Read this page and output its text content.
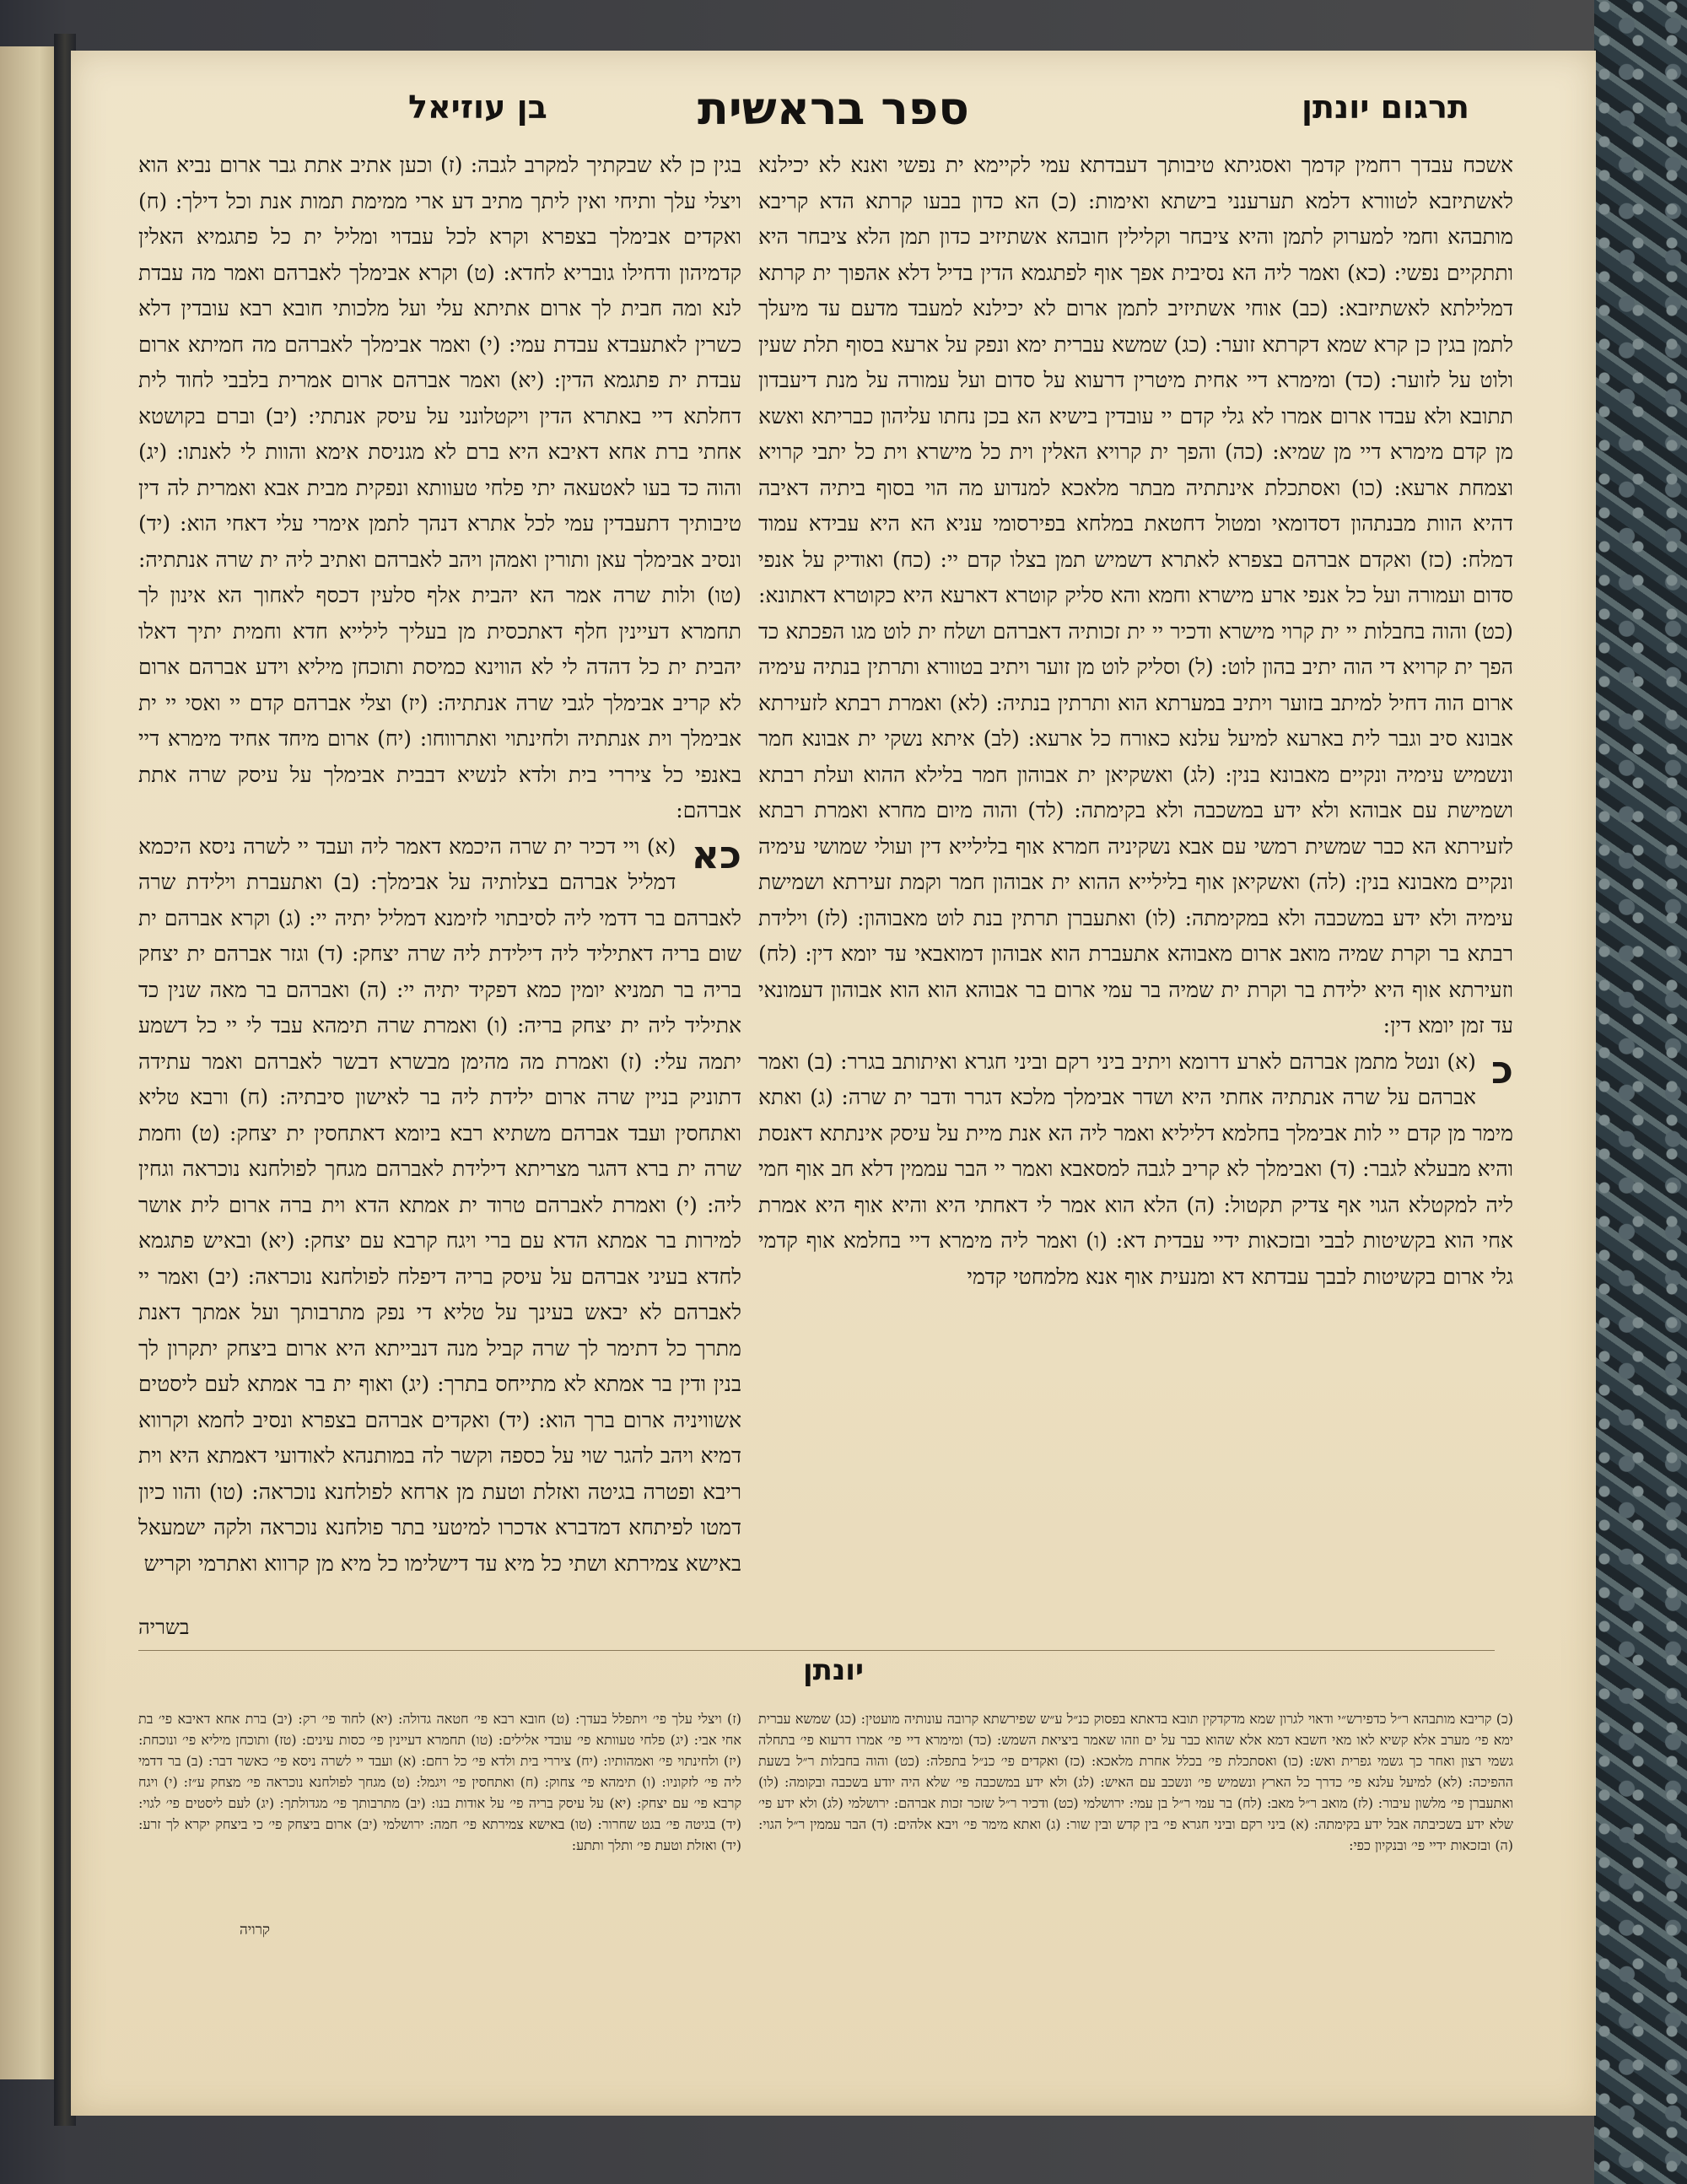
תרגום יונתן
ספר בראשית
בן עוזיאל
אשכח עבדך רחמין קדמך ואסגיתא טיבותך דעבדתא עמי לקיימא ית נפשי ואנא לא יכילנא לאשתיזבא לטוורא דלמא תערענני בישתא ואימות: (כ) הא כדון בבעו קרתא הדא קריבא מותבהא וחמי למערוק לתמן והיא ציבחר וקלילין חובהא אשתיזיב כדון תמן הלא ציבחר היא ותתקיים נפשי: (כא) ואמר ליה הא נסיבית אפך אוף לפתגמא הדין בדיל דלא אהפוך ית קרתא דמלילתא לאשתיזבא: (כב) אוחי אשתיזיב לתמן ארום לא יכילנא למעבד מדעם עד מיעלך לתמן בגין כן קרא שמא דקרתא זוער: (כג) שמשא עברית ימא ונפק על ארעא בסוף תלת שעין ולוט על לזוער: (כד) ומימרא דיי אחית מיטרין דרעוא על סדום ועל עמורה על מנת דיעבדון תתובא ולא עבדו ארום אמרו לא גלי קדם יי עובדין בישיא הא בכן נחתו עליהון כבריתא ואשא מן קדם מימרא דיי מן שמיא: (כה) והפך ית קרויא האלין וית כל מישרא וית כל יתבי קרויא וצמחת ארעא: (כו) ואסתכלת אינתתיה מבתר מלאכא למנדוע מה הוי בסוף ביתיה דאיבה דהיא הוות מבנתהון דסדומאי ומטול דחטאת במלחא בפירסומי עניא הא היא עבידא עמוד דמלח: (כז) ואקדם אברהם בצפרא לאתרא דשמיש תמן בצלו קדם יי: (כח) ואודיק על אנפי סדום ועמורה ועל כל אנפי ארע מישרא וחמא והא סליק קוטרא דארעא היא כקוטרא דאתונא: (כט) והוה בחבלות יי ית קרוי מישרא ודכיר יי ית זכותיה דאברהם ושלח ית לוט מגו הפכתא כד הפך ית קרויא די הוה יתיב בהון לוט: (ל) וסליק לוט מן זוער ויתיב בטוורא ותרתין בנתיה עימיה ארום הוה דחיל למיתב בזוער ויתיב במערתא הוא ותרתין בנתיה: (לא) ואמרת רבתא לזעירתא אבונא סיב וגבר לית בארעא למיעל עלנא כאורח כל ארעא: (לב) איתא נשקי ית אבונא חמר ונשמיש עימיה ונקיים מאבונא בנין: (לג) ואשקיאן ית אבוהון חמר בלילא ההוא ועלת רבתא ושמישת עם אבוהא ולא ידע במשכבה ולא בקימתה: (לד) והוה מיום מחרא ואמרת רבתא לזעירתא הא כבר שמשית רמשי עם אבא נשקיניה חמרא אוף בלילייא דין ועולי שמושי עימיה ונקיים מאבונא בנין: (לה) ואשקיאן אוף בלילייא ההוא ית אבוהון חמר וקמת זעירתא ושמישת עימיה ולא ידע במשכבה ולא במקימתה: (לו) ואתעברן תרתין בנת לוט מאבוהון: (לז) וילידת רבתא בר וקרת שמיה מואב ארום מאבוהא אתעברת הוא אבוהון דמואבאי עד יומא דין: (לח) וזעירתא אוף היא ילידת בר וקרת ית שמיה בר עמי ארום בר אבוהא הוא הוא אבוהון דעמונאי עד זמן יומא דין:
כ
(א) ונטל מתמן אברהם לארע דרומא ויתיב ביני רקם וביני חגרא ואיתותב בגרר: (ב) ואמר אברהם על שרה אנתתיה אחתי היא ושדר אבימלך מלכא דגרר ודבר ית שרה: (ג) ואתא מימר מן קדם יי לות אבימלך בחלמא דליליא ואמר ליה הא אנת מיית על עיסק אינתתא דאנסת והיא מבעלא לגבר: (ד) ואבימלך לא קריב לגבה למסאבא ואמר יי הבר עממין דלא חב אוף חמי ליה למקטלא הגוי אף צדיק תקטול: (ה) הלא הוא אמר לי דאחתי היא והיא אוף היא אמרת אחי הוא בקשיטות לבבי ובזכאות ידיי עבדית דא: (ו) ואמר ליה מימרא דיי בחלמא אוף קדמי גלי ארום בקשיטות לבבך עבדתא דא ומנעית אוף אנא מלמחטי קדמי
בגין כן לא שבקתיך למקרב לגבה: (ז) וכען אתיב אתת גבר ארום נביא הוא ויצלי עלך ותיחי ואין ליתך מתיב דע ארי ממימת תמות אנת וכל דילך: (ח) ואקדים אבימלך בצפרא וקרא לכל עבדוי ומליל ית כל פתגמיא האלין קדמיהון ודחילו גובריא לחדא: (ט) וקרא אבימלך לאברהם ואמר מה עבדת לנא ומה חבית לך ארום אתיתא עלי ועל מלכותי חובא רבא עובדין דלא כשרין לאתעבדא עבדת עמי: (י) ואמר אבימלך לאברהם מה חמיתא ארום עבדת ית פתגמא הדין: (יא) ואמר אברהם ארום אמרית בלבבי לחוד לית דחלתא דיי באתרא הדין ויקטלונני על עיסק אנתתי: (יב) וברם בקושטא אחתי ברת אחא דאיבא היא ברם לא מגניסת אימא והוות לי לאנתו: (יג) והוה כד בעו לאטעאה יתי פלחי טעוותא ונפקית מבית אבא ואמרית לה דין טיבותיך דתעבדין עמי לכל אתרא דנהך לתמן אימרי עלי דאחי הוא: (יד) ונסיב אבימלך עאן ותורין ואמהן ויהב לאברהם ואתיב ליה ית שרה אנתתיה: (טו) ולות שרה אמר הא יהבית אלף סלעין דכסף לאחוך הא אינון לך תחמרא דעיינין חלף דאתכסית מן בעליך לילייא חדא וחמית יתיך דאלו יהבית ית כל דהדה לי לא הווינא כמיסת ותוכחן מיליא וידע אברהם ארום לא קריב אבימלך לגבי שרה אנתתיה: (יז) וצלי אברהם קדם יי ואסי יי ית אבימלך וית אנתתיה ולחינתוי ואתרווחו: (יח) ארום מיחד אחיד מימרא דיי באנפי כל ציררי בית ולדא לנשיא דבבית אבימלך על עיסק שרה אתת אברהם:
כא
(א) ויי דכיר ית שרה היכמא דאמר ליה ועבד יי לשרה ניסא היכמא דמליל אברהם בצלותיה על אבימלך: (ב) ואתעברת וילידת שרה לאברהם בר דדמי ליה לסיבתוי לזימנא דמליל יתיה יי: (ג) וקרא אברהם ית שום בריה דאתיליד ליה דילידת ליה שרה יצחק: (ד) וגזר אברהם ית יצחק בריה בר תמניא יומין כמא דפקיד יתיה יי: (ה) ואברהם בר מאה שנין כד אתיליד ליה ית יצחק בריה: (ו) ואמרת שרה תימהא עבד לי יי כל דשמע יתמה עלי: (ז) ואמרת מה מהימן מבשרא דבשר לאברהם ואמר עתידה דתוניק בניין שרה ארום ילידת ליה בר לאישון סיבתיה: (ח) ורבא טליא ואתחסין ועבד אברהם משתיא רבא ביומא דאתחסין ית יצחק: (ט) וחמת שרה ית ברא דהגר מצריתא דילידת לאברהם מגחך לפולחנא נוכראה וגחין ליה: (י) ואמרת לאברהם טרוד ית אמתא הדא וית ברה ארום לית אושר למירות בר אמתא הדא עם ברי ויגח קרבא עם יצחק: (יא) ובאיש פתגמא לחדא בעיני אברהם על עיסק בריה דיפלח לפולחנא נוכראה: (יב) ואמר יי לאברהם לא יבאש בעינך על טליא די נפק מתרבותך ועל אמתך דאנת מתרך כל דתימר לך שרה קביל מנה דנבייתא היא ארום ביצחק יתקרון לך בנין ודין בר אמתא לא מתייחס בתרך: (יג) ואוף ית בר אמתא לעם ליסטים אשוויניה ארום ברך הוא: (יד) ואקדים אברהם בצפרא ונסיב לחמא וקרווא דמיא ויהב להגר שוי על כספה וקשר לה במותנהא לאודועי דאמתא היא וית ריבא ופטרה בגיטה ואזלת וטעת מן ארחא לפולחנא נוכראה: (טו) והוו כיון דמטו לפיתחא דמדברא אדכרו למיטעי בתר פולחנא נוכראה ולקה ישמעאל באישא צמירתא ושתי כל מיא עד דישלימו כל מיא מן קרווא ואתרמי וקריש
בשריה
יונתן
(כ) קריבא מותבהא ר״ל כדפירש״י ודאוי לגרון שמא מדקדקין תובא בדאתא בפסוק כנ״ל ע״ש שפירשתא קרובה עונותיה מועטין: (כג) שמשא עברית ימא פי׳ מערב אלא קשיא לאו מאי חשבא דמא אלא שהוא כבר על ים וזהו שאמר ביציאת השמש: (כד) ומימרא דיי פי׳ אמרו דרעוא פי׳ בתחלה גשמי רצון ואחר כך גשמי גפרית ואש: (כו) ואסתכלת פי׳ בכלל אחרת מלאכא: (כז) ואקדים פי׳ כנ״ל בתפלה: (כט) והוה בחבלות ר״ל בשעת ההפיכה: (לא) למיעל עלנא פי׳ כדרך כל הארץ ונשמיש פי׳ ונשכב עם האיש: (לג) ולא ידע במשכבה פי׳ שלא היה יודע בשכבה ובקומה: (לו) ואתעברן פי׳ מלשון עיבור: (לז) מואב ר״ל מאב: (לח) בר עמי ר״ל בן עמי: ירושלמי (כט) ודכיר ר״ל שזכר זכות אברהם: ירושלמי (לג) ולא ידע פי׳ שלא ידע בשכיבתה אבל ידע בקימתה: (א) ביני רקם וביני חגרא פי׳ בין קדש ובין שור: (ג) ואתא מימר פי׳ ויבא אלהים: (ד) הבר עממין ר״ל הגוי: (ה) ובזכאות ידיי פי׳ ובנקיון כפי:
(ז) ויצלי עלך פי׳ ויתפלל בעדך: (ט) חובא רבא פי׳ חטאה גדולה: (יא) לחוד פי׳ רק: (יב) ברת אחא דאיבא פי׳ בת אחי אבי: (יג) פלחי טעוותא פי׳ עובדי אלילים: (טו) תחמרא דעיינין פי׳ כסות עינים: (טז) ותוכחן מיליא פי׳ ונוכחת: (יז) ולחינתוי פי׳ ואמהותיו: (יח) ציררי בית ולדא פי׳ כל רחם: (א) ועבד יי לשרה ניסא פי׳ כאשר דבר: (ב) בר דדמי ליה פי׳ לזקוניו: (ו) תימהא פי׳ צחוק: (ח) ואתחסין פי׳ ויגמל: (ט) מגחך לפולחנא נוכראה פי׳ מצחק ע״ז: (י) ויגח קרבא פי׳ עם יצחק: (יא) על עיסק בריה פי׳ על אודות בנו: (יב) מתרבותך פי׳ מגדולתך: (יג) לעם ליסטים פי׳ לגוי: (יד) בגיטה פי׳ בגט שחרור: (טו) באישא צמירתא פי׳ חמה: ירושלמי (יב) ארום ביצחק פי׳ כי ביצחק יקרא לך זרע: (יד) ואזלת וטעת פי׳ ותלך ותתע:
קרויה
